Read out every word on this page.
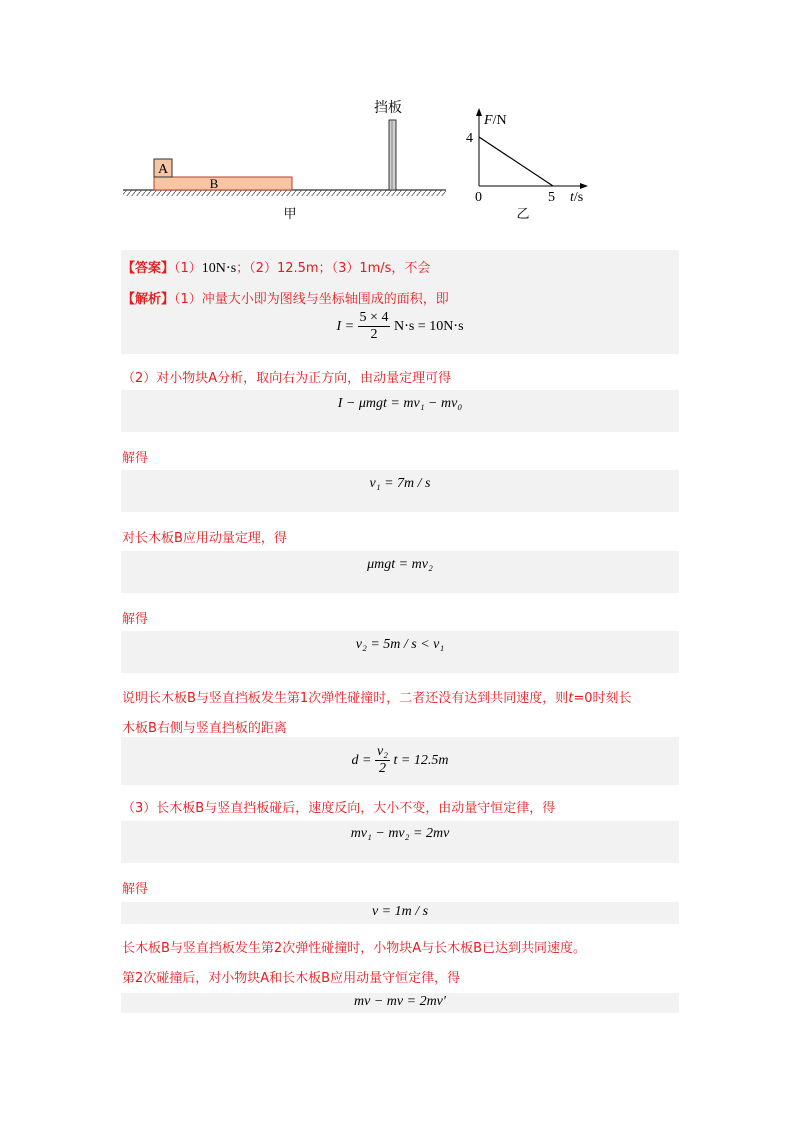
A
B
挡板
甲
F/N
4
0	5 t/s
乙
【答案】（1）10N⋅s；（2）12.5m；（3）1m/s，不会
【解析】（1）冲量大小即为图线与坐标轴围成的面积，即
$I = \frac{5 \times 4}{2} N\cdot s = 10N\cdot s$
（2）对小物块A分析，取向右为正方向，由动量定理可得
I − μmgt = mv₁ − mv₀
解得
v₁ = 7m / s
对长木板B应用动量定理，得
μmgt = mv₂
解得
v₂ = 5m / s < v₁
说明长木板B与竖直挡板发生第1次弹性碰撞时，二者还没有达到共同速度，则t=0时刻长
木板B右侧与竖直挡板的距离
$d = \frac{\text{v₂}}{2}$ t = 12.5m
（3）长木板B与竖直挡板碰后，速度反向，大小不变，由动量守恒定律，得
mv₁ − mv₂ = 2mv
解得
v = 1m / s
长木板B与竖直挡板发生第2次弹性碰撞时，小物块A与长木板B已达到共同速度。
第2次碰撞后，对小物块A和长木板B应用动量守恒定律，得
mv − mv = 2mv′
